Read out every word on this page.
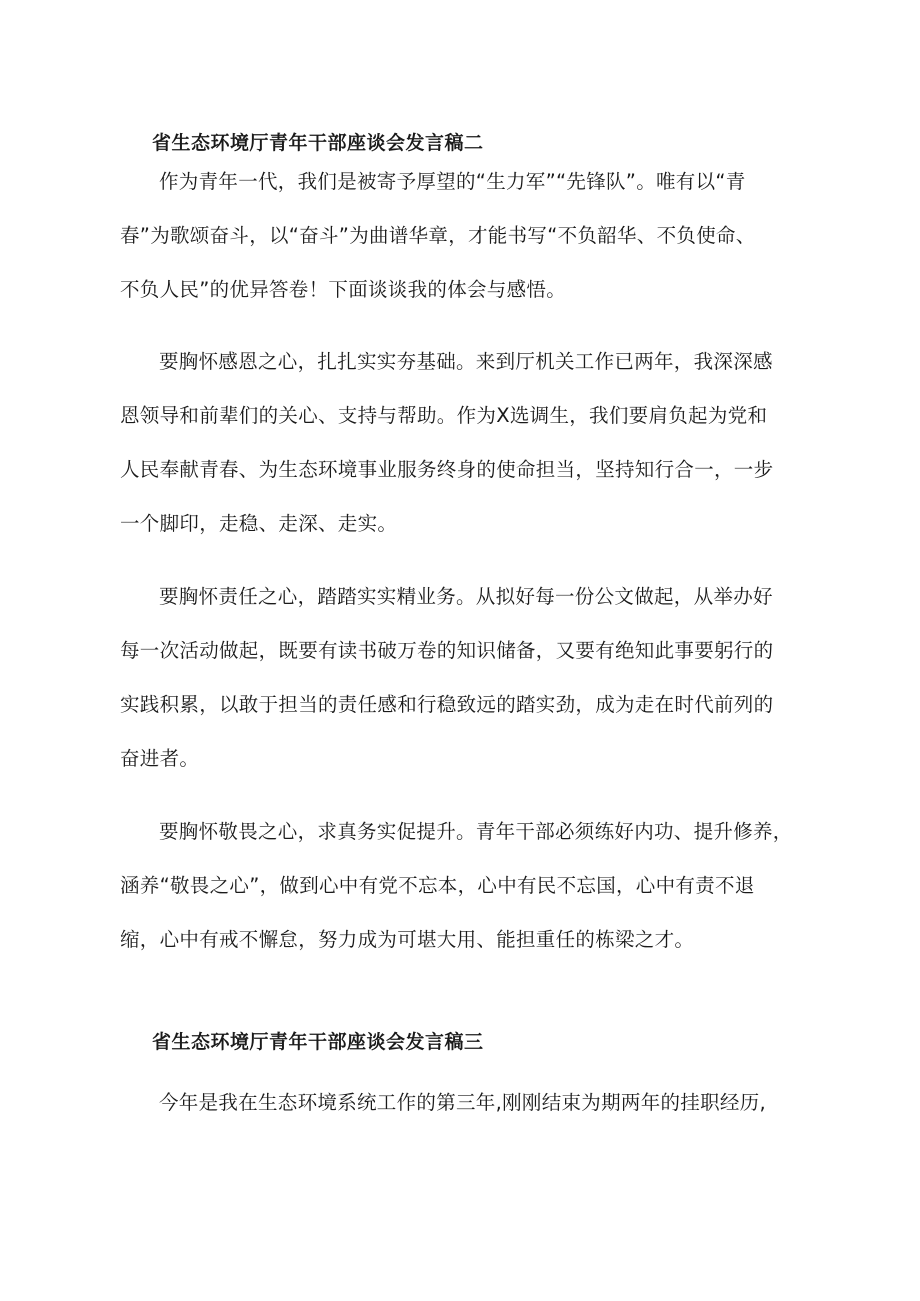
省生态环境厅青年干部座谈会发言稿二
作为青年一代，我们是被寄予厚望的“生力军”“先锋队”。唯有以“青
春”为歌颂奋斗，以“奋斗”为曲谱华章，才能书写“不负韶华、不负使命、
不负人民”的优异答卷！下面谈谈我的体会与感悟。
要胸怀感恩之心，扎扎实实夯基础。来到厅机关工作已两年，我深深感
恩领导和前辈们的关心、支持与帮助。作为X选调生，我们要肩负起为党和
人民奉献青春、为生态环境事业服务终身的使命担当，坚持知行合一，一步
一个脚印，走稳、走深、走实。
要胸怀责任之心，踏踏实实精业务。从拟好每一份公文做起，从举办好
每一次活动做起，既要有读书破万卷的知识储备，又要有绝知此事要躬行的
实践积累，以敢于担当的责任感和行稳致远的踏实劲，成为走在时代前列的
奋进者。
要胸怀敬畏之心，求真务实促提升。青年干部必须练好内功、提升修养，
涵养“敬畏之心”，做到心中有党不忘本，心中有民不忘国，心中有责不退
缩，心中有戒不懈怠，努力成为可堪大用、能担重任的栋梁之才。
省生态环境厅青年干部座谈会发言稿三
今年是我在生态环境系统工作的第三年,刚刚结束为期两年的挂职经历,
